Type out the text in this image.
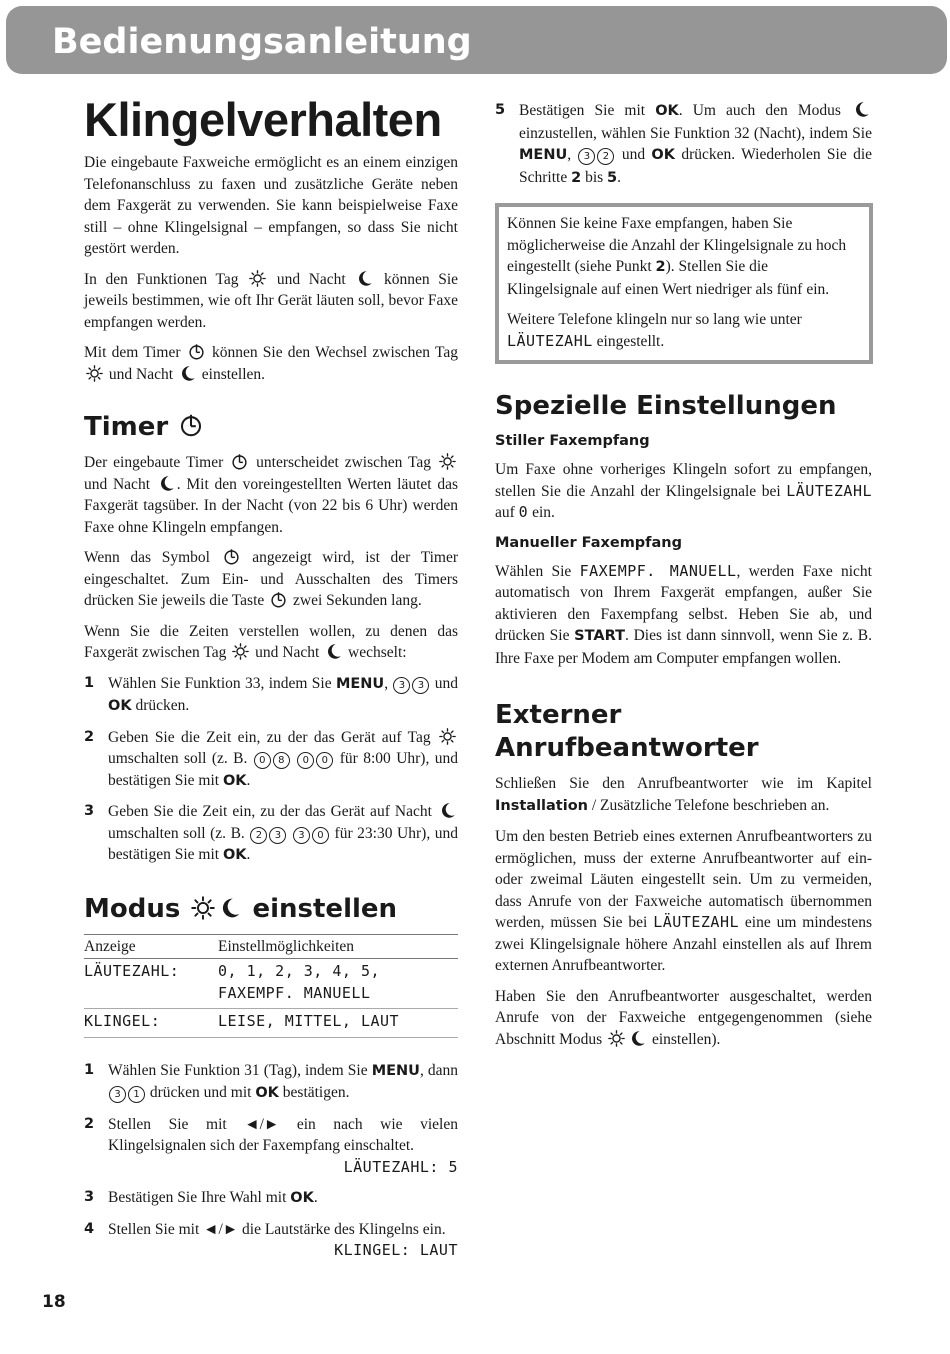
Bedienungsanleitung
Klingelverhalten

Die eingebaute Faxweiche ermöglicht es an einem einzigen Telefonanschluss zu faxen und zusätzliche Geräte neben dem Faxgerät zu verwenden. Sie kann beispielweise Faxe still – ohne Klingelsignal – empfangen, so dass Sie nicht gestört werden.

In den Funktionen Tag und Nacht können Sie jeweils bestimmen, wie oft Ihr Gerät läuten soll, bevor Faxe empfangen werden.

Mit dem Timer können Sie den Wechsel zwischen Tag
und Nacht einstellen.

Timer

Der eingebaute Timer unterscheidet zwischen Tag
und Nacht . Mit den voreingestellten Werten läutet das Faxgerät tagsüber. In der Nacht (von 22 bis 6 Uhr) werden Faxe ohne Klingeln empfangen.

Wenn das Symbol	angezeigt wird, ist der Timer eingeschaltet. Zum Ein- und Ausschalten des Timers drücken Sie jeweils die Taste zwei Sekunden lang.

Wenn Sie die Zeiten verstellen wollen, zu denen das Faxgerät zwischen Tag und Nacht wechselt:

1 Wählen Sie Funktion 33, indem Sie MENU, 3 3 und OK drücken.
2 Geben Sie die Zeit ein, zu der das Gerät auf Tag
umschalten soll (z. B. 0 8 0 0 für 8:00 Uhr), und bestätigen Sie mit OK.
3 Geben Sie die Zeit ein, zu der das Gerät auf Nacht
umschalten soll (z. B. 2 3 3 0 für 23:30 Uhr), und bestätigen Sie mit OK.
Modus	einstellen
Anzeige	Einstellmöglichkeiten
LÄUTEZAHL:	0, 1, 2, 3, 4, 5, FAXEMPF. MANUELL
KLINGEL:	LEISE, MITTEL, LAUT
1 Wählen Sie Funktion 31 (Tag), indem Sie MENU, dann 3 1 drücken und mit OK bestätigen.
2 Stellen Sie mit ◄/► ein nach wie vielen Klingelsignalen sich der Faxempfang einschaltet.
LÄUTEZAHL: 5
3 Bestätigen Sie Ihre Wahl mit OK.
4 Stellen Sie mit ◄/► die Lautstärke des Klingelns ein.
KLINGEL: LAUT
5 Bestätigen Sie mit OK. Um auch den Modus
einzustellen, wählen Sie Funktion 32 (Nacht), indem Sie MENU, 3 2 und OK drücken. Wiederholen Sie die Schritte 2 bis 5.

Können Sie keine Faxe empfangen, haben Sie möglicherweise die Anzahl der Klingelsignale zu hoch eingestellt (siehe Punkt 2). Stellen Sie die Klingelsignale auf einen Wert niedriger als fünf ein.

Weitere Telefone klingeln nur so lang wie unter LÄUTEZAHL eingestellt.

Spezielle Einstellungen
Stiller Faxempfang

Um Faxe ohne vorheriges Klingeln sofort zu empfangen, stellen Sie die Anzahl der Klingelsignale bei LÄUTEZAHL auf 0 ein.

Manueller Faxempfang

Wählen Sie FAXEMPF. MANUELL, werden Faxe nicht automatisch von Ihrem Faxgerät empfangen, außer Sie aktivieren den Faxempfang selbst. Heben Sie ab, und drücken Sie START. Dies ist dann sinnvoll, wenn Sie z. B. Ihre Faxe per Modem am Computer empfangen wollen.

Externer
Anrufbeantworter

Schließen Sie den Anrufbeantworter wie im Kapitel Installation / Zusätzliche Telefone beschrieben an.

Um den besten Betrieb eines externen Anrufbeantworters zu ermöglichen, muss der externe Anrufbeantworter auf ein- oder zweimal Läuten eingestellt sein. Um zu vermeiden, dass Anrufe von der Faxweiche automatisch übernommen werden, müssen Sie bei LÄUTEZAHL eine um mindestens zwei Klingelsignale höhere Anzahl einstellen als auf Ihrem externen Anrufbeantworter.

Haben Sie den Anrufbeantworter ausgeschaltet, werden Anrufe von der Faxweiche entgegengenommen (siehe Abschnitt Modus	einstellen).

18
